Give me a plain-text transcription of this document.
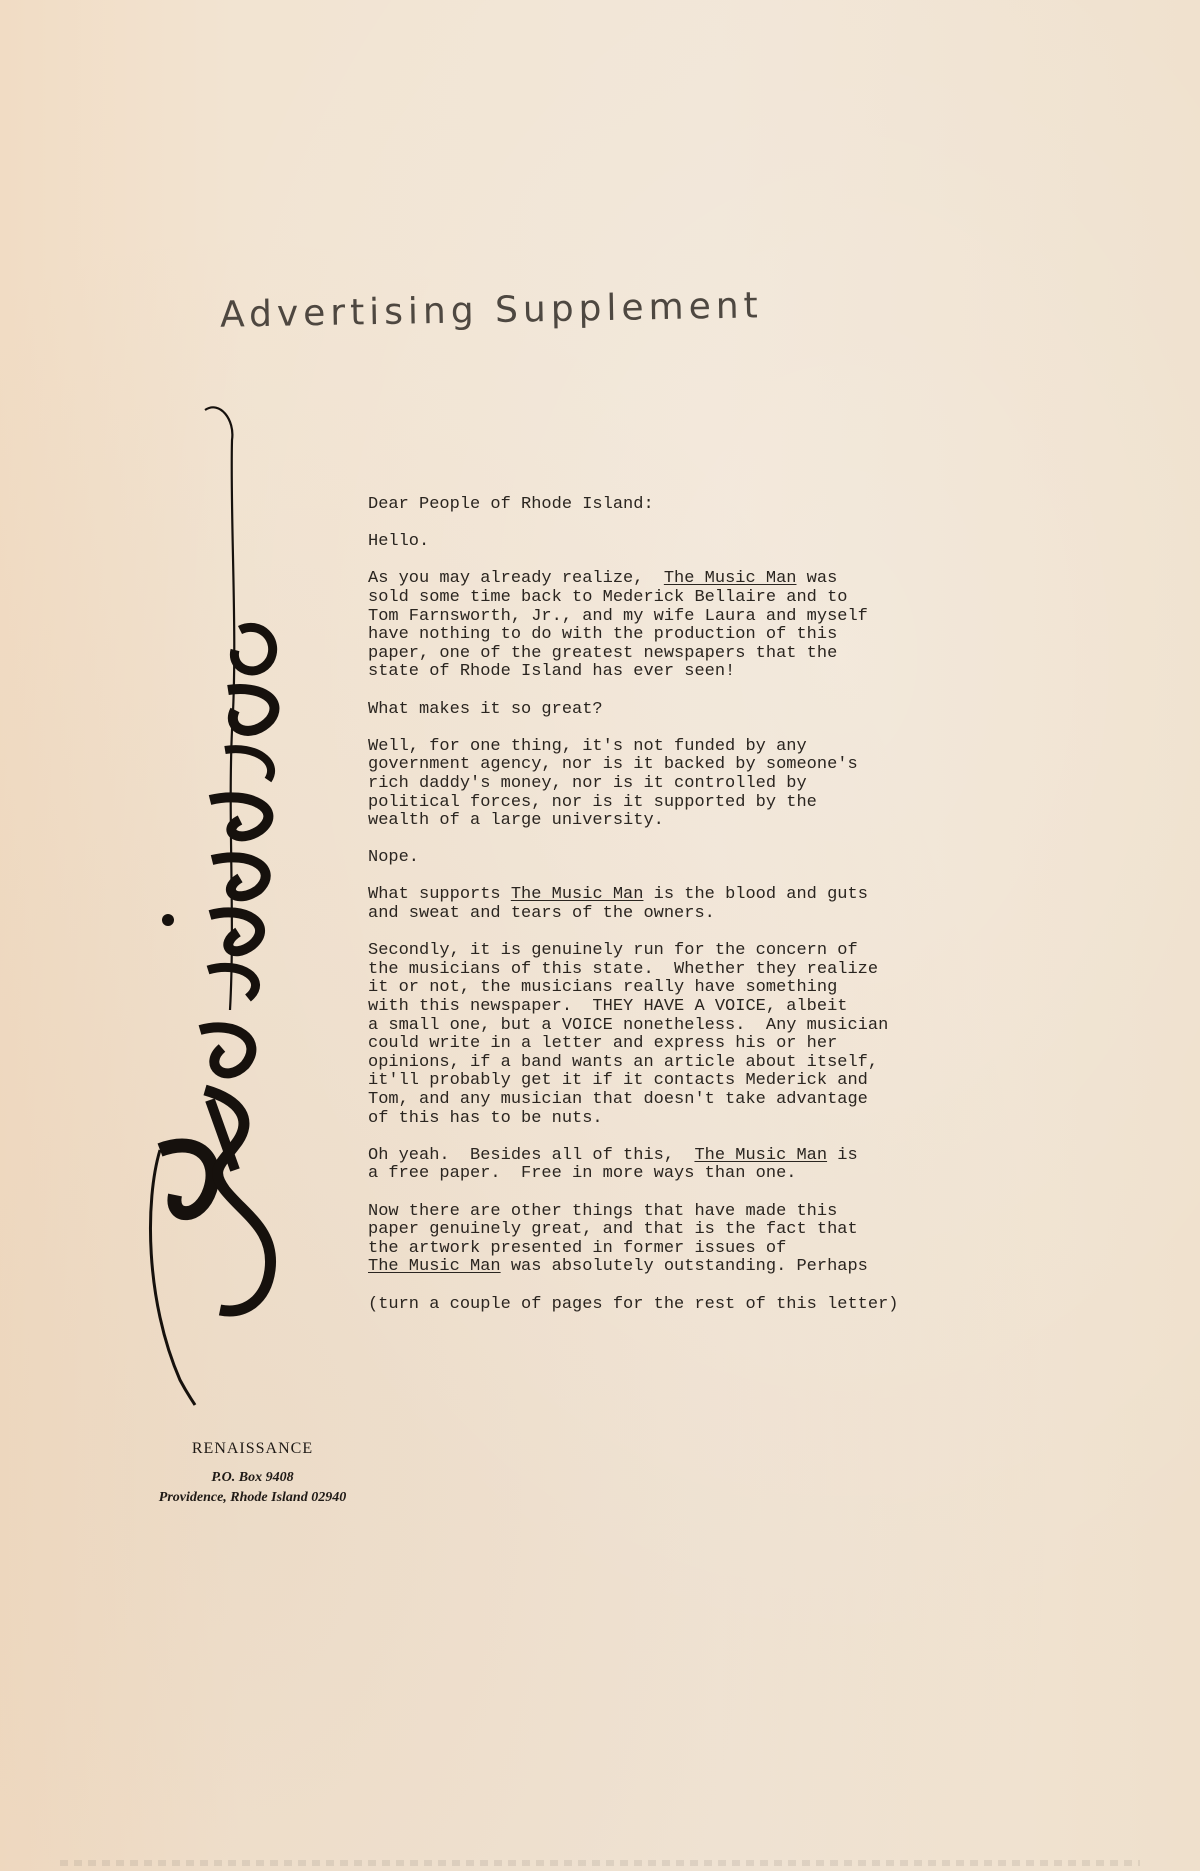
Advertising Supplement
RENAISSANCE
P.O. Box 9408
Providence, Rhode Island 02940

Dear People of Rhode Island:

Hello.

As you may already realize,  The Music Man was
sold some time back to Mederick Bellaire and to
Tom Farnsworth, Jr., and my wife Laura and myself
have nothing to do with the production of this
paper, one of the greatest newspapers that the
state of Rhode Island has ever seen!

What makes it so great?

Well, for one thing, it's not funded by any
government agency, nor is it backed by someone's
rich daddy's money, nor is it controlled by
political forces, nor is it supported by the
wealth of a large university.

Nope.

What supports The Music Man is the blood and guts
and sweat and tears of the owners.

Secondly, it is genuinely run for the concern of
the musicians of this state.  Whether they realize
it or not, the musicians really have something
with this newspaper.  THEY HAVE A VOICE, albeit
a small one, but a VOICE nonetheless.  Any musician
could write in a letter and express his or her
opinions, if a band wants an article about itself,
it'll probably get it if it contacts Mederick and
Tom, and any musician that doesn't take advantage
of this has to be nuts.

Oh yeah.  Besides all of this,  The Music Man is
a free paper.  Free in more ways than one.

Now there are other things that have made this
paper genuinely great, and that is the fact that
the artwork presented in former issues of
The Music Man was absolutely outstanding. Perhaps

(turn a couple of pages for the rest of this letter)
